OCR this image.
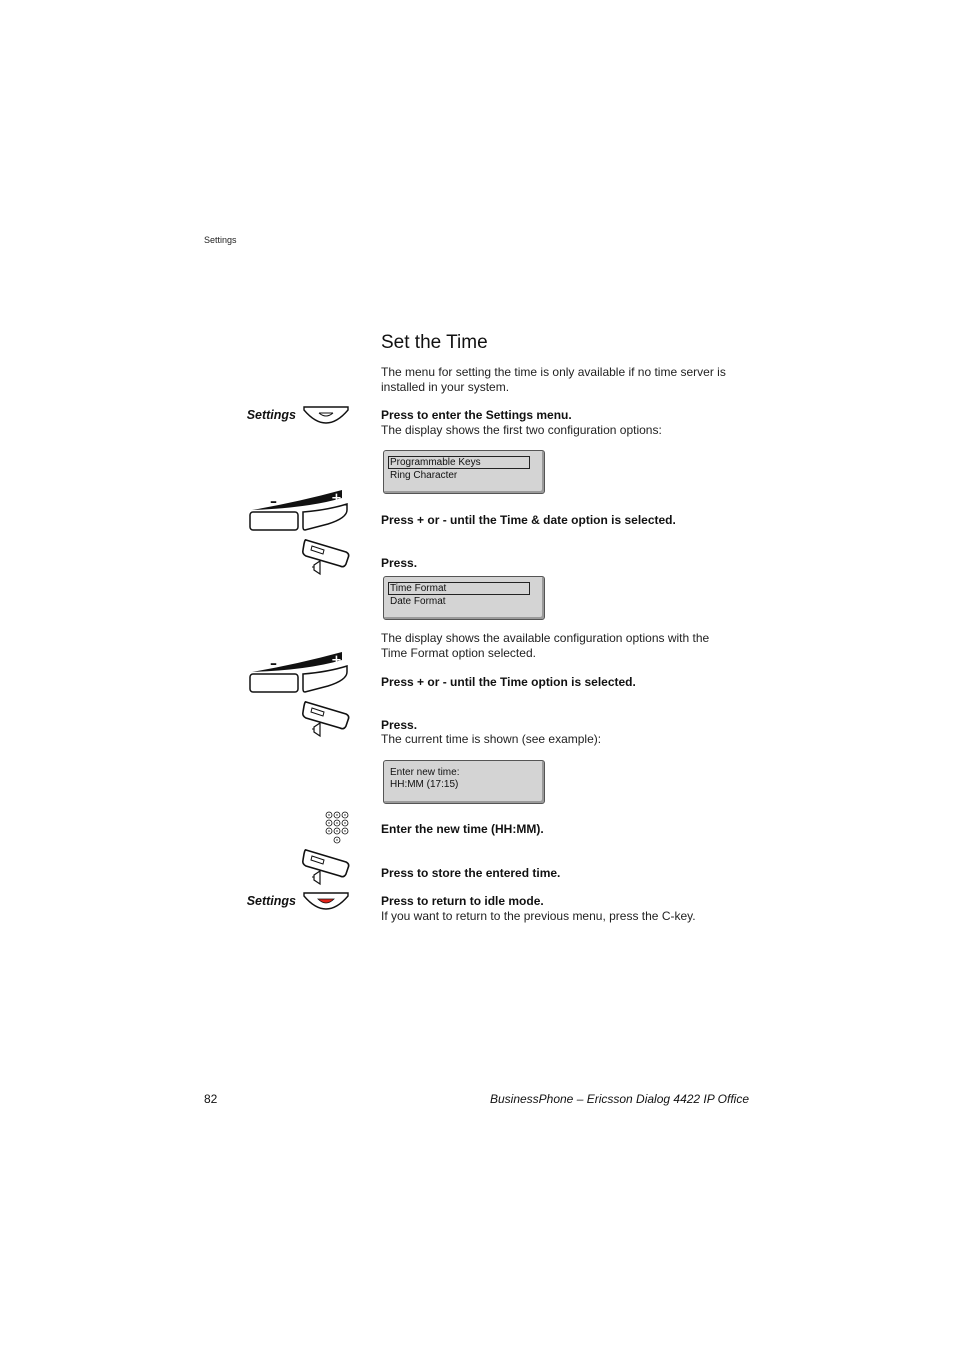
Settings
Set the Time
The menu for setting the time is only available if no time server is
installed in your system.
Settings	Press to enter the Settings menu.
The display shows the first two configuration options:
Programmable Keys
Ring Character
–	+
Press + or - until the Time & date option is selected.
Press.
Time Format
Date Format
The display shows the available configuration options with the
Time Format option selected.
–	+
Press + or - until the Time option is selected.
Press.
The current time is shown (see example):
Enter new time:
HH:MM (17:15)
Enter the new time (HH:MM).
Press to store the entered time.
Settings	Press to return to idle mode.
If you want to return to the previous menu, press the C-key.
82	BusinessPhone – Ericsson Dialog 4422 IP Office
